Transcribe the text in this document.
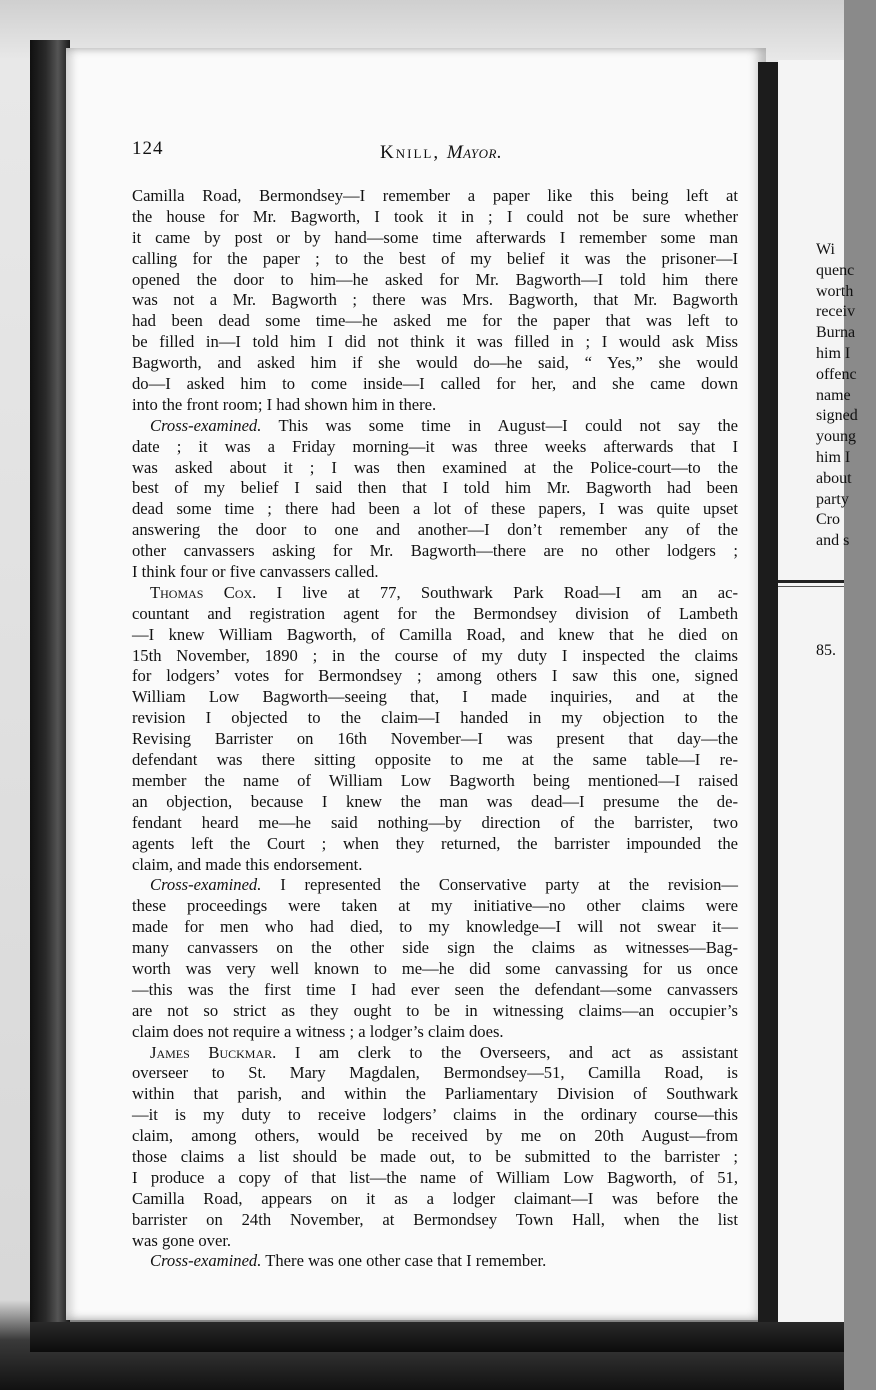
Wi
quenc
worth
receiv
Burna
him I
offenc
name
signed
young
him I
about
party
Cro
and s
85.
124	Knill, Mayor.
Camilla Road, Bermondsey—I remember a paper like this being left at
the house for Mr. Bagworth, I took it in ; I could not be sure whether
it came by post or by hand—some time afterwards I remember some man
calling for the paper ; to the best of my belief it was the prisoner—I
opened the door to him—he asked for Mr. Bagworth—I told him there
was not a Mr. Bagworth ; there was Mrs. Bagworth, that Mr. Bagworth
had been dead some time—he asked me for the paper that was left to
be filled in—I told him I did not think it was filled in ; I would ask Miss
Bagworth, and asked him if she would do—he said, “ Yes,” she would
do—I asked him to come inside—I called for her, and she came down
into the front room; I had shown him in there.
Cross-examined. This was some time in August—I could not say the
date ; it was a Friday morning—it was three weeks afterwards that I
was asked about it ; I was then examined at the Police-court—to the
best of my belief I said then that I told him Mr. Bagworth had been
dead some time ; there had been a lot of these papers, I was quite upset
answering the door to one and another—I don’t remember any of the
other canvassers asking for Mr. Bagworth—there are no other lodgers ;
I think four or five canvassers called.
Thomas Cox. I live at 77, Southwark Park Road—I am an ac-
countant and registration agent for the Bermondsey division of Lambeth
—I knew William Bagworth, of Camilla Road, and knew that he died on
15th November, 1890 ; in the course of my duty I inspected the claims
for lodgers’ votes for Bermondsey ; among others I saw this one, signed
William Low Bagworth—seeing that, I made inquiries, and at the
revision I objected to the claim—I handed in my objection to the
Revising Barrister on 16th November—I was present that day—the
defendant was there sitting opposite to me at the same table—I re-
member the name of William Low Bagworth being mentioned—I raised
an objection, because I knew the man was dead—I presume the de-
fendant heard me—he said nothing—by direction of the barrister, two
agents left the Court ; when they returned, the barrister impounded the
claim, and made this endorsement.
Cross-examined. I represented the Conservative party at the revision—
these proceedings were taken at my initiative—no other claims were
made for men who had died, to my knowledge—I will not swear it—
many canvassers on the other side sign the claims as witnesses—Bag-
worth was very well known to me—he did some canvassing for us once
—this was the first time I had ever seen the defendant—some canvassers
are not so strict as they ought to be in witnessing claims—an occupier’s
claim does not require a witness ; a lodger’s claim does.
James Buckmar. I am clerk to the Overseers, and act as assistant
overseer to St. Mary Magdalen, Bermondsey—51, Camilla Road, is
within that parish, and within the Parliamentary Division of Southwark
—it is my duty to receive lodgers’ claims in the ordinary course—this
claim, among others, would be received by me on 20th August—from
those claims a list should be made out, to be submitted to the barrister ;
I produce a copy of that list—the name of William Low Bagworth, of 51,
Camilla Road, appears on it as a lodger claimant—I was before the
barrister on 24th November, at Bermondsey Town Hall, when the list
was gone over.
Cross-examined. There was one other case that I remember.
